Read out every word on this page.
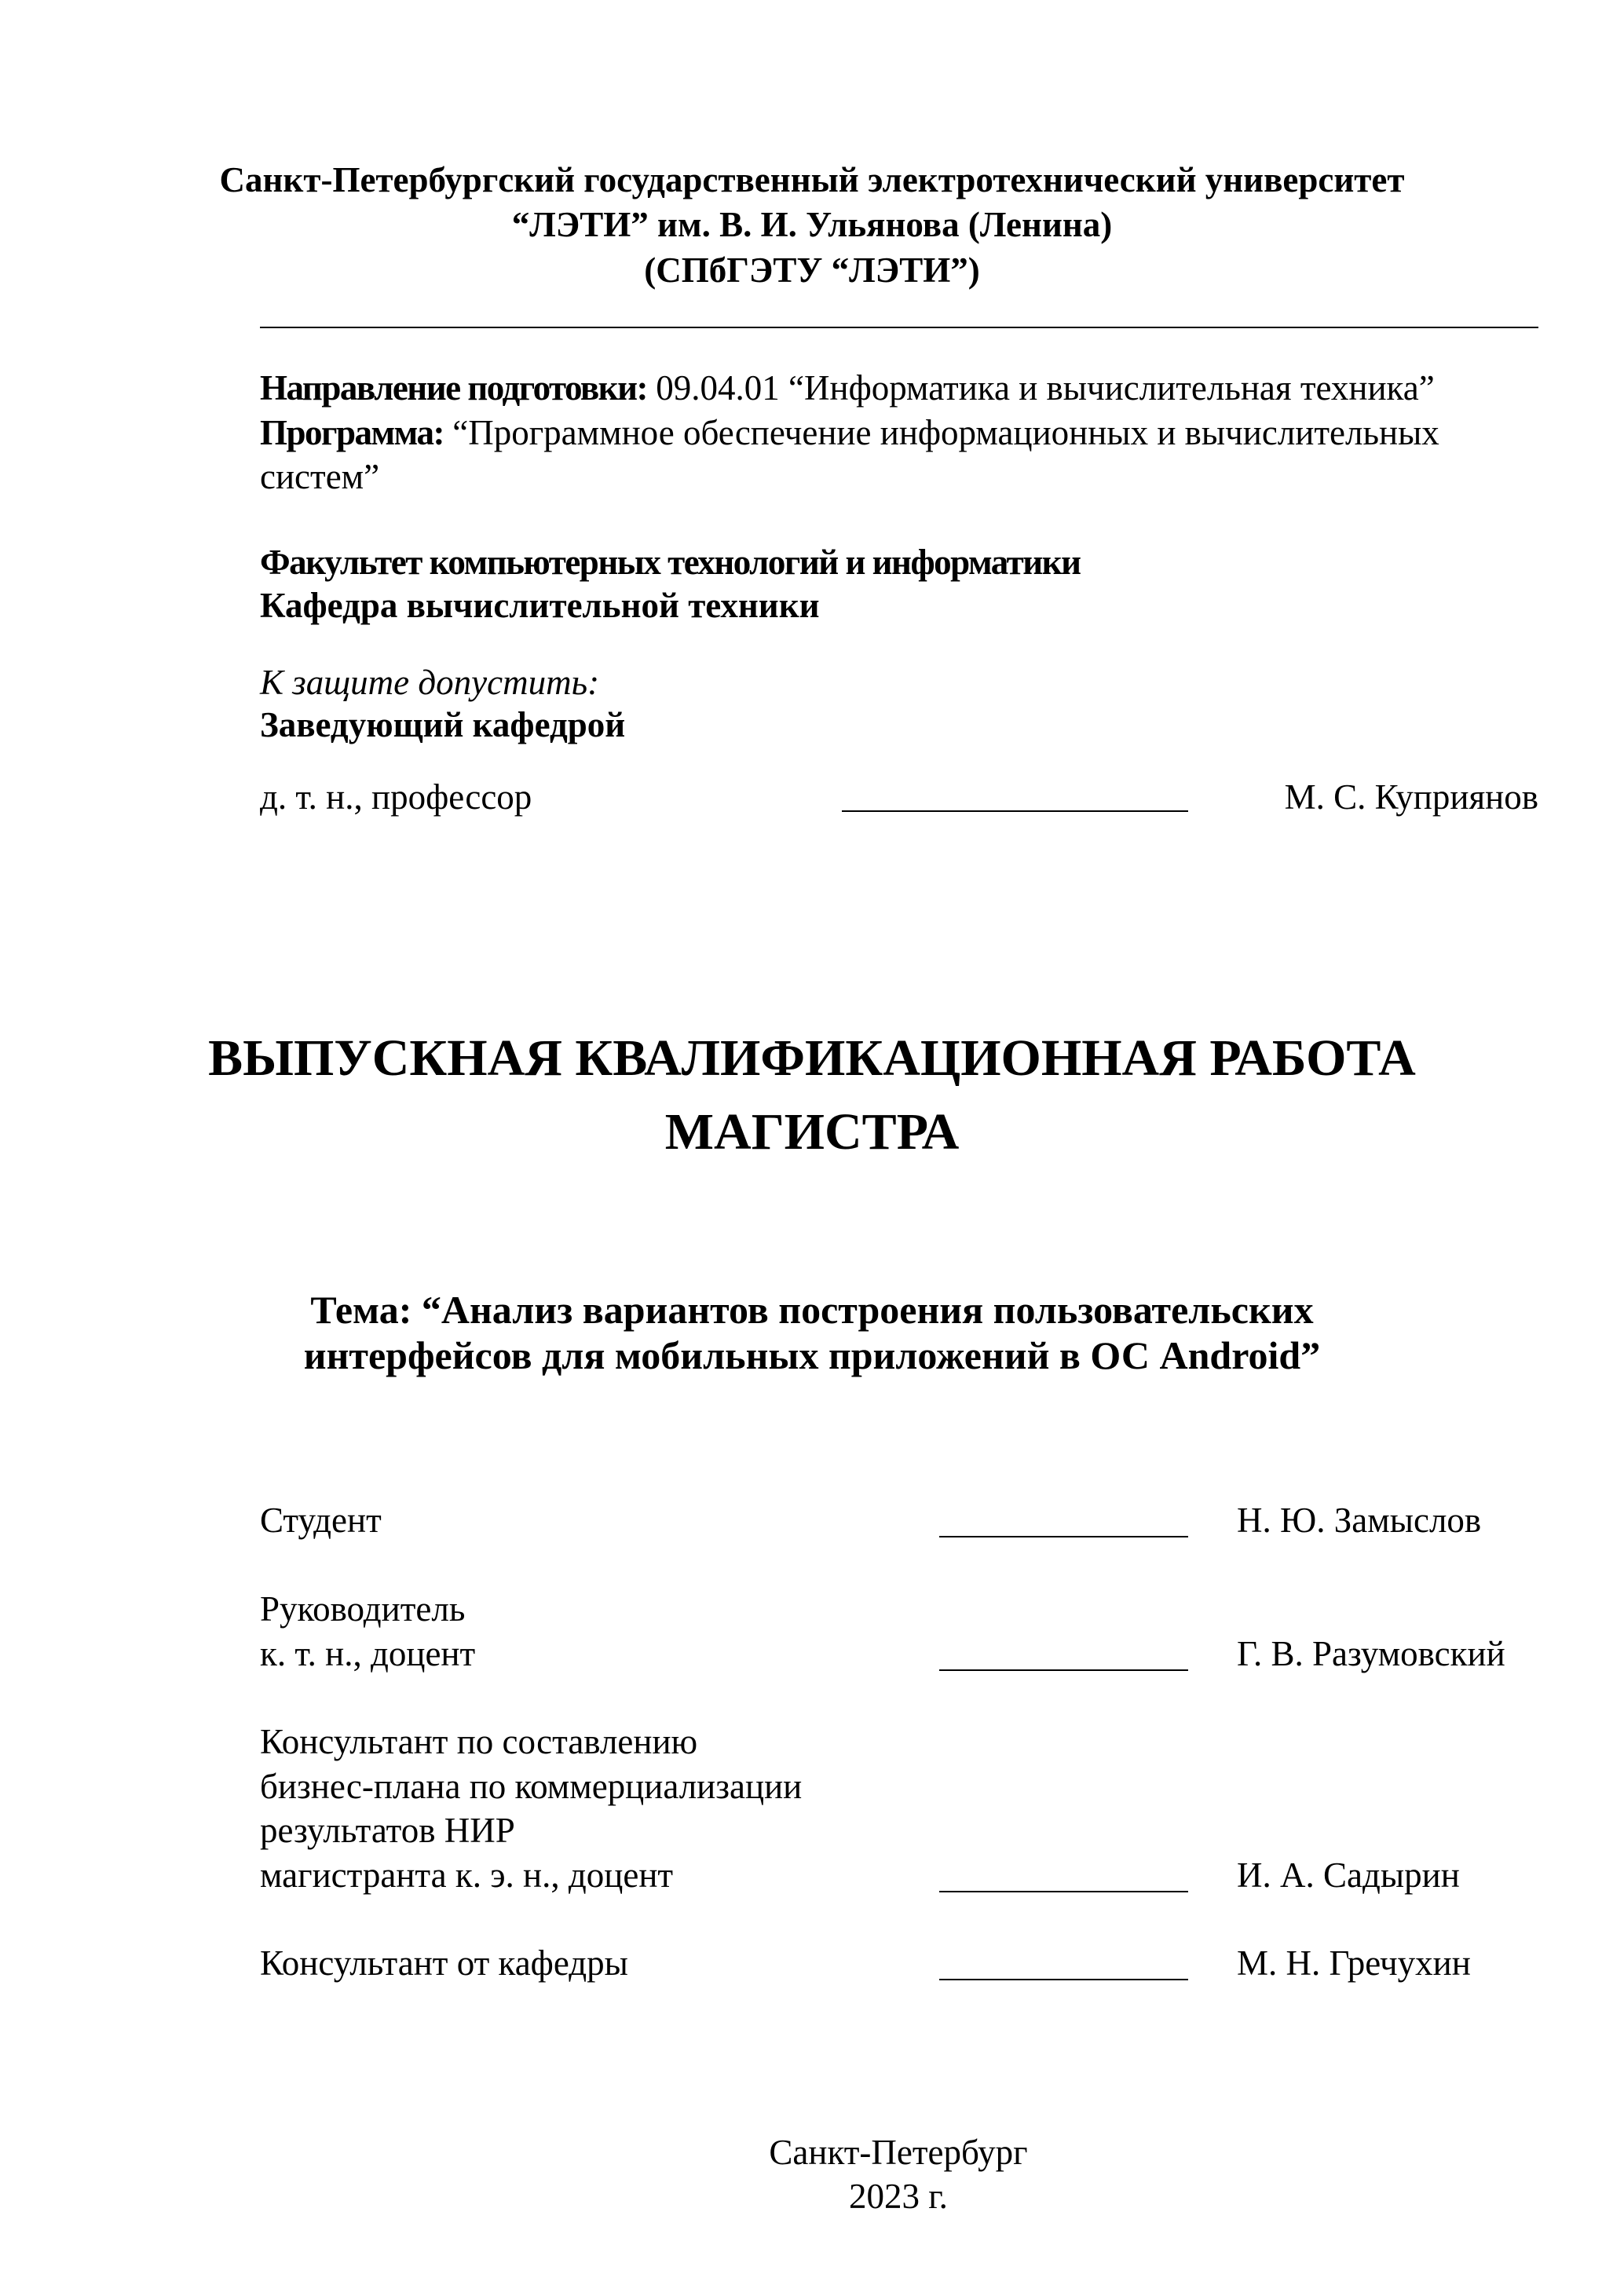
Санкт-Петербургский государственный электротехнический университет
“ЛЭТИ” им. В. И. Ульянова (Ленина)
(СПбГЭТУ “ЛЭТИ”)
Направление подготовки: 09.04.01 “Информатика и вычислительная техника”
Программа: “Программное обеспечение информационных и вычислительных
систем”
Факультет компьютерных технологий и информатики
Кафедра вычислительной техники
К защите допустить:
Заведующий кафедрой
д. т. н., профессор	М. С. Куприянов
ВЫПУСКНАЯ КВАЛИФИКАЦИОННАЯ РАБОТА
МАГИСТРА
Тема: “Анализ вариантов построения пользовательских
интерфейсов для мобильных приложений в ОС Android”
Студент	Н. Ю. Замыслов
Руководитель
к. т. н., доцент	Г. В. Разумовский
Консультант по составлению
бизнес-плана по коммерциализации
результатов НИР
магистранта к. э. н., доцент	И. А. Садырин
Консультант от кафедры	М. Н. Гречухин
Санкт-Петербург
2023 г.
